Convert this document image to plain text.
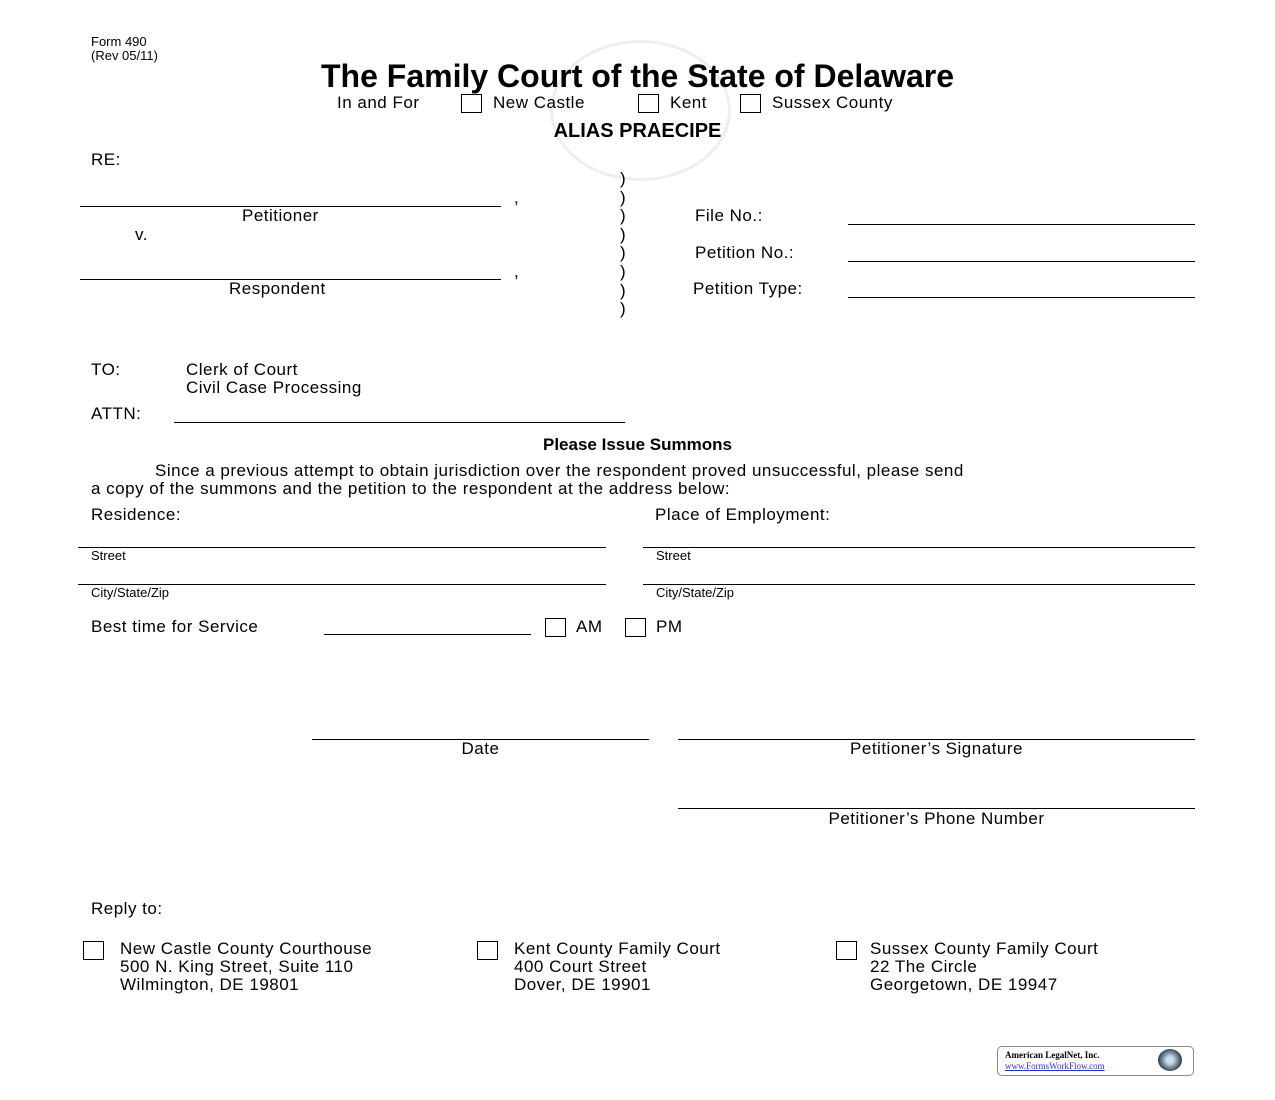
Form 490
(Rev 05/11)
The Family Court of the State of Delaware
In and For	New Castle	Kent	Sussex County
ALIAS PRAECIPE
RE:
,
Petitioner
v.
,
Respondent
)
)
)
)
)
)
)
)
File No.:
Petition No.:
Petition Type:
TO:	Clerk of Court
Civil Case Processing
ATTN:
Please Issue Summons
Since a previous attempt to obtain jurisdiction over the respondent proved unsuccessful, please send
a copy of the summons and the petition to the respondent at the address below:
Residence:	Place of Employment:
Street
City/State/Zip
Street
City/State/Zip
Best time for Service	AM	PM
Date	Petitioner’s Signature
Petitioner’s Phone Number
Reply to:
New Castle County Courthouse
500 N. King Street, Suite 110
Wilmington, DE 19801
Kent County Family Court
400 Court Street
Dover, DE 19901
Sussex County Family Court
22 The Circle
Georgetown, DE 19947
American LegalNet, Inc.
www.FormsWorkFlow.com
